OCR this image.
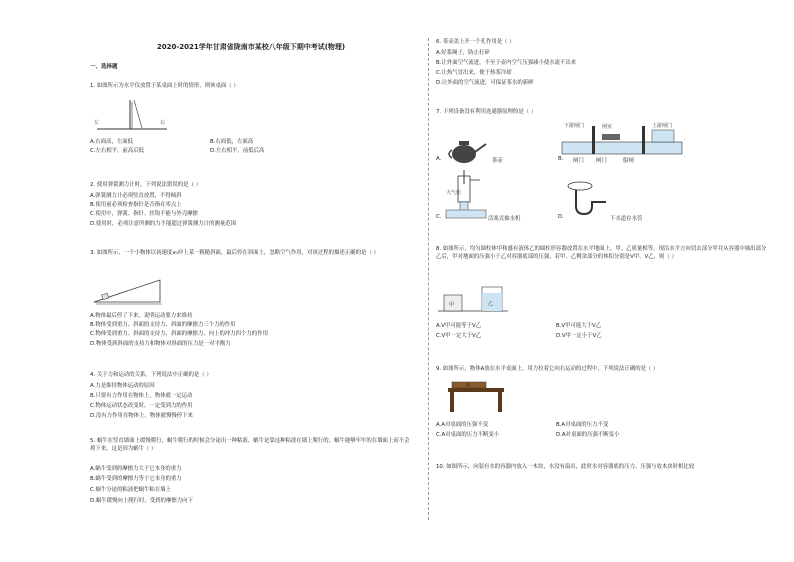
2020-2021学年甘肃省陇南市某校八年级下期中考试(物理)
一、选择题
1. 如图所示为水平仪放置于某桌面上时的情形，则该桌面（ ）
左	右
A.右面高，左面低	B.右面低，左面高
C.左右相平，前高后低	D.左右相平，前低后高
2. 使用弹簧测力计时，下列说法错误的是（ ）
A.弹簧测力计必须竖直放置，不得倾斜
B.使用前必须检查指针是否指在零点上
C.使用中，弹簧、指针、挂钩不能与外壳摩擦
D.使用时，必须注意所测的力不能超过弹簧测力计的测量范围
3. 如图所示，一个小物体以初速度v₀冲上某一粗糙斜面，最后停在斜面上，忽略空气作用，对该过程的描述正确的是（ ）
A.物体最后停了下来，说明运动要力来维持
B.物体受到重力、斜面的支持力、斜面的摩擦力三个力的作用
C.物体受到重力、斜面的支持力、斜面的摩擦力、向上的冲力四个力的作用
D.物体受到斜面的支持力和物体对斜面的压力是一对平衡力
4. 关于力和运动的关系，下列说法中正确的是（ ）
A.力是维持物体运动的原因
B.只要有力作用在物体上，物体就一定运动
C.物体运动状态改变时，一定受到力的作用
D.没有力作用在物体上，物体就慢慢停下来
5. 蜗牛在竖直墙面上缓慢爬行，蜗牛爬行的时候会分泌出一种粘液，蜗牛是靠这种粘液在墙上爬行的，蜗牛能够牢牢的在墙面上而不会掉下来，这是因为蜗牛（ ）
A.蜗牛受到的摩擦力大于它本身的重力
B.蜗牛受到的摩擦力等于它本身的重力
C.蜗牛分泌的粘液把蜗牛粘在墙上
D.蜗牛缓慢向上爬行时，受到的摩擦力向下
6. 茶壶盖上开一个孔作用是（ ）
A.好系绳子，防止打碎
B.让外面空气流进，不至于壶内空气压强减小使水流不出来
C.让热气冒出来，便于热茶冷却
D.让外面的空气流进，可保证茶水的新鲜
7. 下列设备没有利用连通器原理的是（ ）
A.	茶壶	B.
下游闸门	闸室	上游闸门
闸门 闸门	船闸
C.
大气压
活塞式抽水机	D.	下水道存水管
8. 如图所示，均匀圆柱体甲和盛有液体乙的圆柱形容器放置在水平地面上，甲、乙质量相等，现沿水平方向切去部分甲并从容器中抽出部分乙后，甲对地面的压强小于乙对容器底部的压强，若甲、乙剩余部分的体积分别是V甲、V乙，则（ ）
甲	乙
A.V甲可能等于V乙	B.V甲可能大于V乙
C.V甲一定大于V乙	D.V甲一定小于V乙
9. 如图所示，物体A放在水平桌面上，用力拉着它向右运动的过程中，下列说法正确的是（ ）
A
A.A对桌面的压强不变	B.A对桌面的压力不变
C.A对桌面的压力不断变小	D.A对桌面的压强不断变小
10. 如图所示，向装有水的容器内放入一木块，水没有溢出，此时水对容器底的压力、压强与放木块时相比较
